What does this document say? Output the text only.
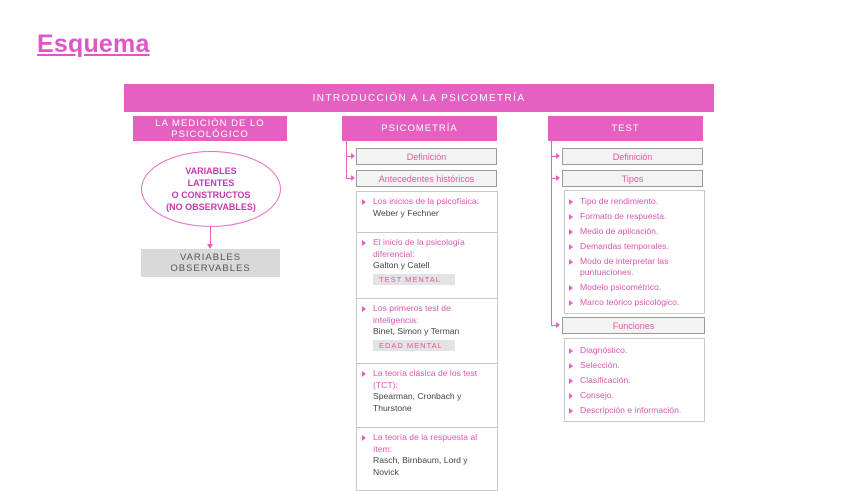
Esquema
INTRODUCCIÓN A LA PSICOMETRÍA
LA MEDICIÓN DE LO PSICOLÓGICO
VARIABLES
LATENTES
O CONSTRUCTOS
(NO OBSERVABLES)
VARIABLES
OBSERVABLES
PSICOMETRÍA
Definición
Antecedentes históricos
Los inicios de la psicofísica:
Weber y Fechner
El inicio de la psicología diferencial:
Galton y Catell
TEST MENTAL
Los primeros test de inteligencia:
Binet, Simon y Terman
EDAD MENTAL
La teoría clásica de los test (TCT):
Spearman, Cronbach y Thurstone
La teoría de la respuesta al ítem:
Rasch, Birnbaum, Lord y Novick
TEST
Definición
Tipos
Tipo de rendimiento.
Formato de respuesta.
Medio de aplicación.
Demandas temporales.
Modo de interpretar las puntuaciones.
Modelo psicométrico.
Marco teórico psicológico.
Funciones
Diagnóstico.
Selección.
Clasificación.
Consejo.
Descripción e información.
